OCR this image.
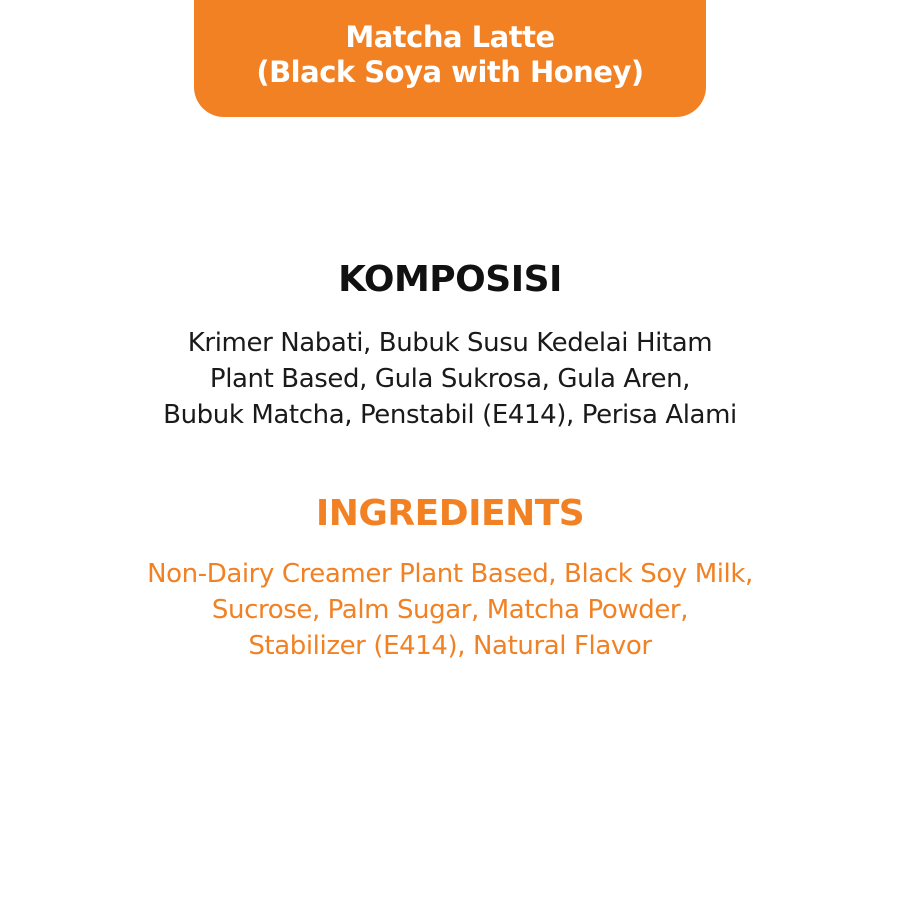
Matcha Latte
(Black Soya with Honey)
KOMPOSISI
Krimer Nabati, Bubuk Susu Kedelai Hitam
Plant Based, Gula Sukrosa, Gula Aren,
Bubuk Matcha, Penstabil (E414), Perisa Alami
INGREDIENTS
Non-Dairy Creamer Plant Based, Black Soy Milk,
Sucrose, Palm Sugar, Matcha Powder,
Stabilizer (E414), Natural Flavor
